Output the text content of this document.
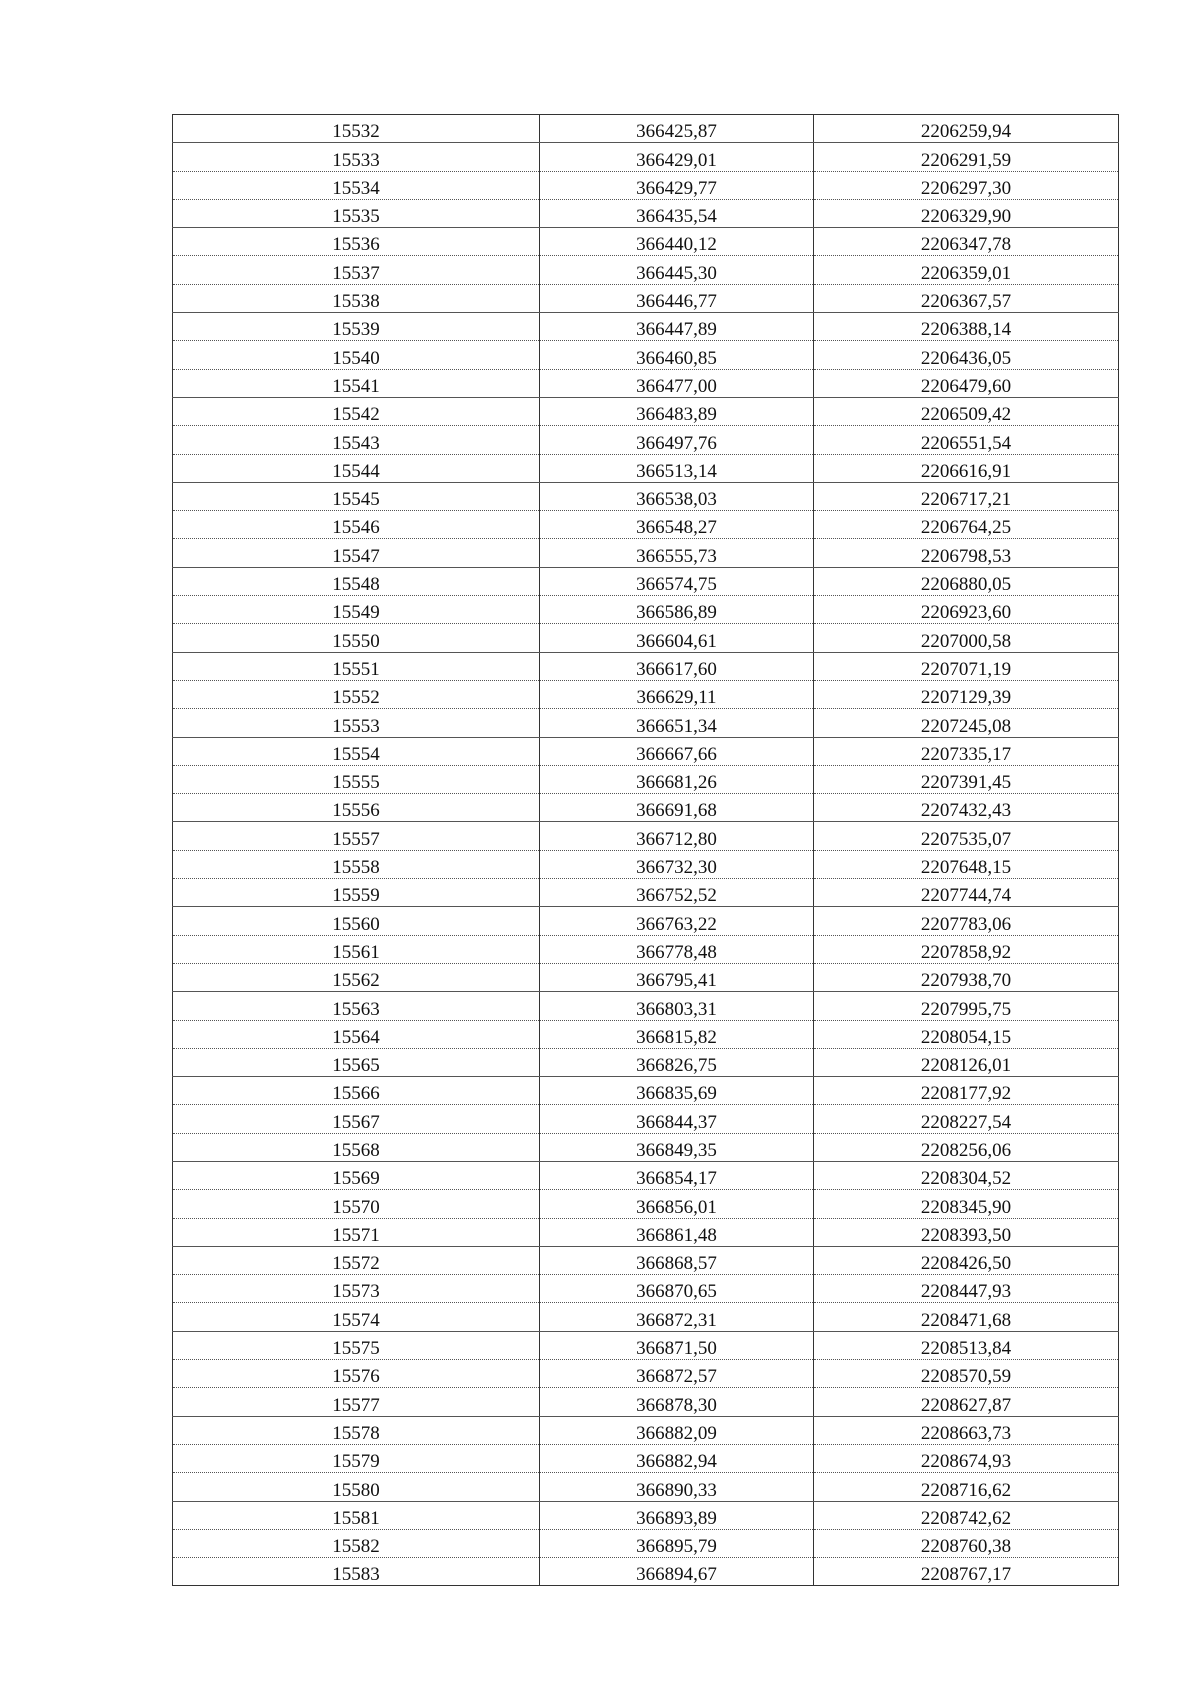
15532	366425,87	2206259,94
15533	366429,01	2206291,59
15534	366429,77	2206297,30
15535	366435,54	2206329,90
15536	366440,12	2206347,78
15537	366445,30	2206359,01
15538	366446,77	2206367,57
15539	366447,89	2206388,14
15540	366460,85	2206436,05
15541	366477,00	2206479,60
15542	366483,89	2206509,42
15543	366497,76	2206551,54
15544	366513,14	2206616,91
15545	366538,03	2206717,21
15546	366548,27	2206764,25
15547	366555,73	2206798,53
15548	366574,75	2206880,05
15549	366586,89	2206923,60
15550	366604,61	2207000,58
15551	366617,60	2207071,19
15552	366629,11	2207129,39
15553	366651,34	2207245,08
15554	366667,66	2207335,17
15555	366681,26	2207391,45
15556	366691,68	2207432,43
15557	366712,80	2207535,07
15558	366732,30	2207648,15
15559	366752,52	2207744,74
15560	366763,22	2207783,06
15561	366778,48	2207858,92
15562	366795,41	2207938,70
15563	366803,31	2207995,75
15564	366815,82	2208054,15
15565	366826,75	2208126,01
15566	366835,69	2208177,92
15567	366844,37	2208227,54
15568	366849,35	2208256,06
15569	366854,17	2208304,52
15570	366856,01	2208345,90
15571	366861,48	2208393,50
15572	366868,57	2208426,50
15573	366870,65	2208447,93
15574	366872,31	2208471,68
15575	366871,50	2208513,84
15576	366872,57	2208570,59
15577	366878,30	2208627,87
15578	366882,09	2208663,73
15579	366882,94	2208674,93
15580	366890,33	2208716,62
15581	366893,89	2208742,62
15582	366895,79	2208760,38
15583	366894,67	2208767,17
